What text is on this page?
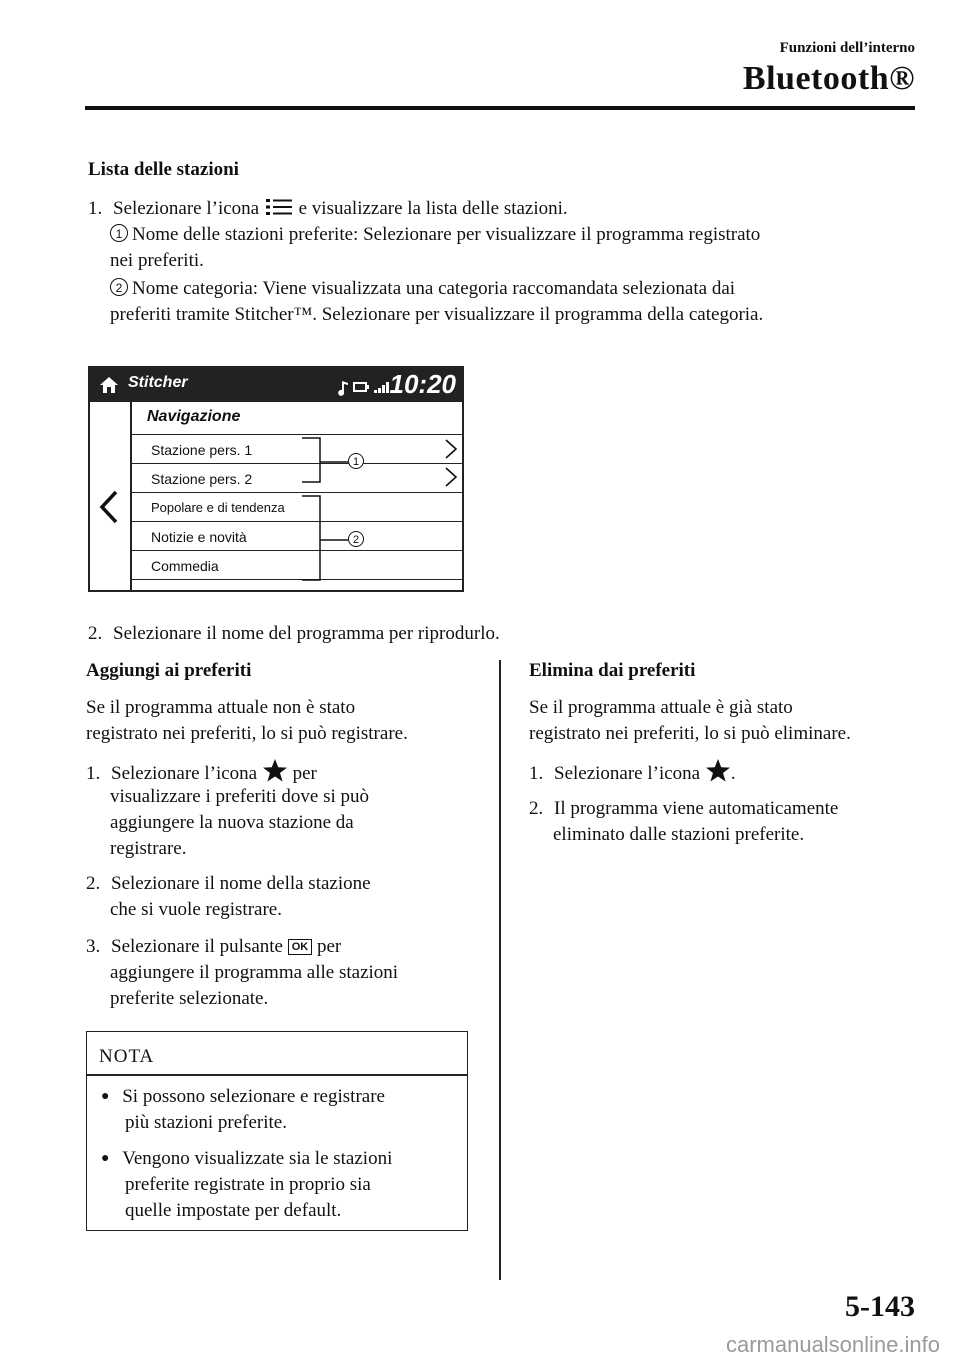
Funzioni dell’interno
Bluetooth®
Lista delle stazioni
1. Selezionare l’icona e visualizzare la lista delle stazioni.
1 Nome delle stazioni preferite: Selezionare per visualizzare il programma registrato
nei preferiti.
2 Nome categoria: Viene visualizzata una categoria raccomandata selezionata dai
preferiti tramite Stitcher™. Selezionare per visualizzare il programma della categoria.
Stitcher	10:20
Navigazione
Stazione pers. 1
Stazione pers. 2
Popolare e di tendenza
Notizie e novità
Commedia
1
2
2. Selezionare il nome del programma per riprodurlo.
Aggiungi ai preferiti
Se il programma attuale non è stato
registrato nei preferiti, lo si può registrare.
1. Selezionare l’icona per
visualizzare i preferiti dove si può
aggiungere la nuova stazione da
registrare.
2. Selezionare il nome della stazione
che si vuole registrare.
3. Selezionare il pulsante OK per
aggiungere il programma alle stazioni
preferite selezionate.
NOTA
● Si possono selezionare e registrare
più stazioni preferite.
● Vengono visualizzate sia le stazioni
preferite registrate in proprio sia
quelle impostate per default.
Elimina dai preferiti
Se il programma attuale è già stato
registrato nei preferiti, lo si può eliminare.
1. Selezionare l’icona .
2. Il programma viene automaticamente
eliminato dalle stazioni preferite.
5-143
carmanualsonline.info
